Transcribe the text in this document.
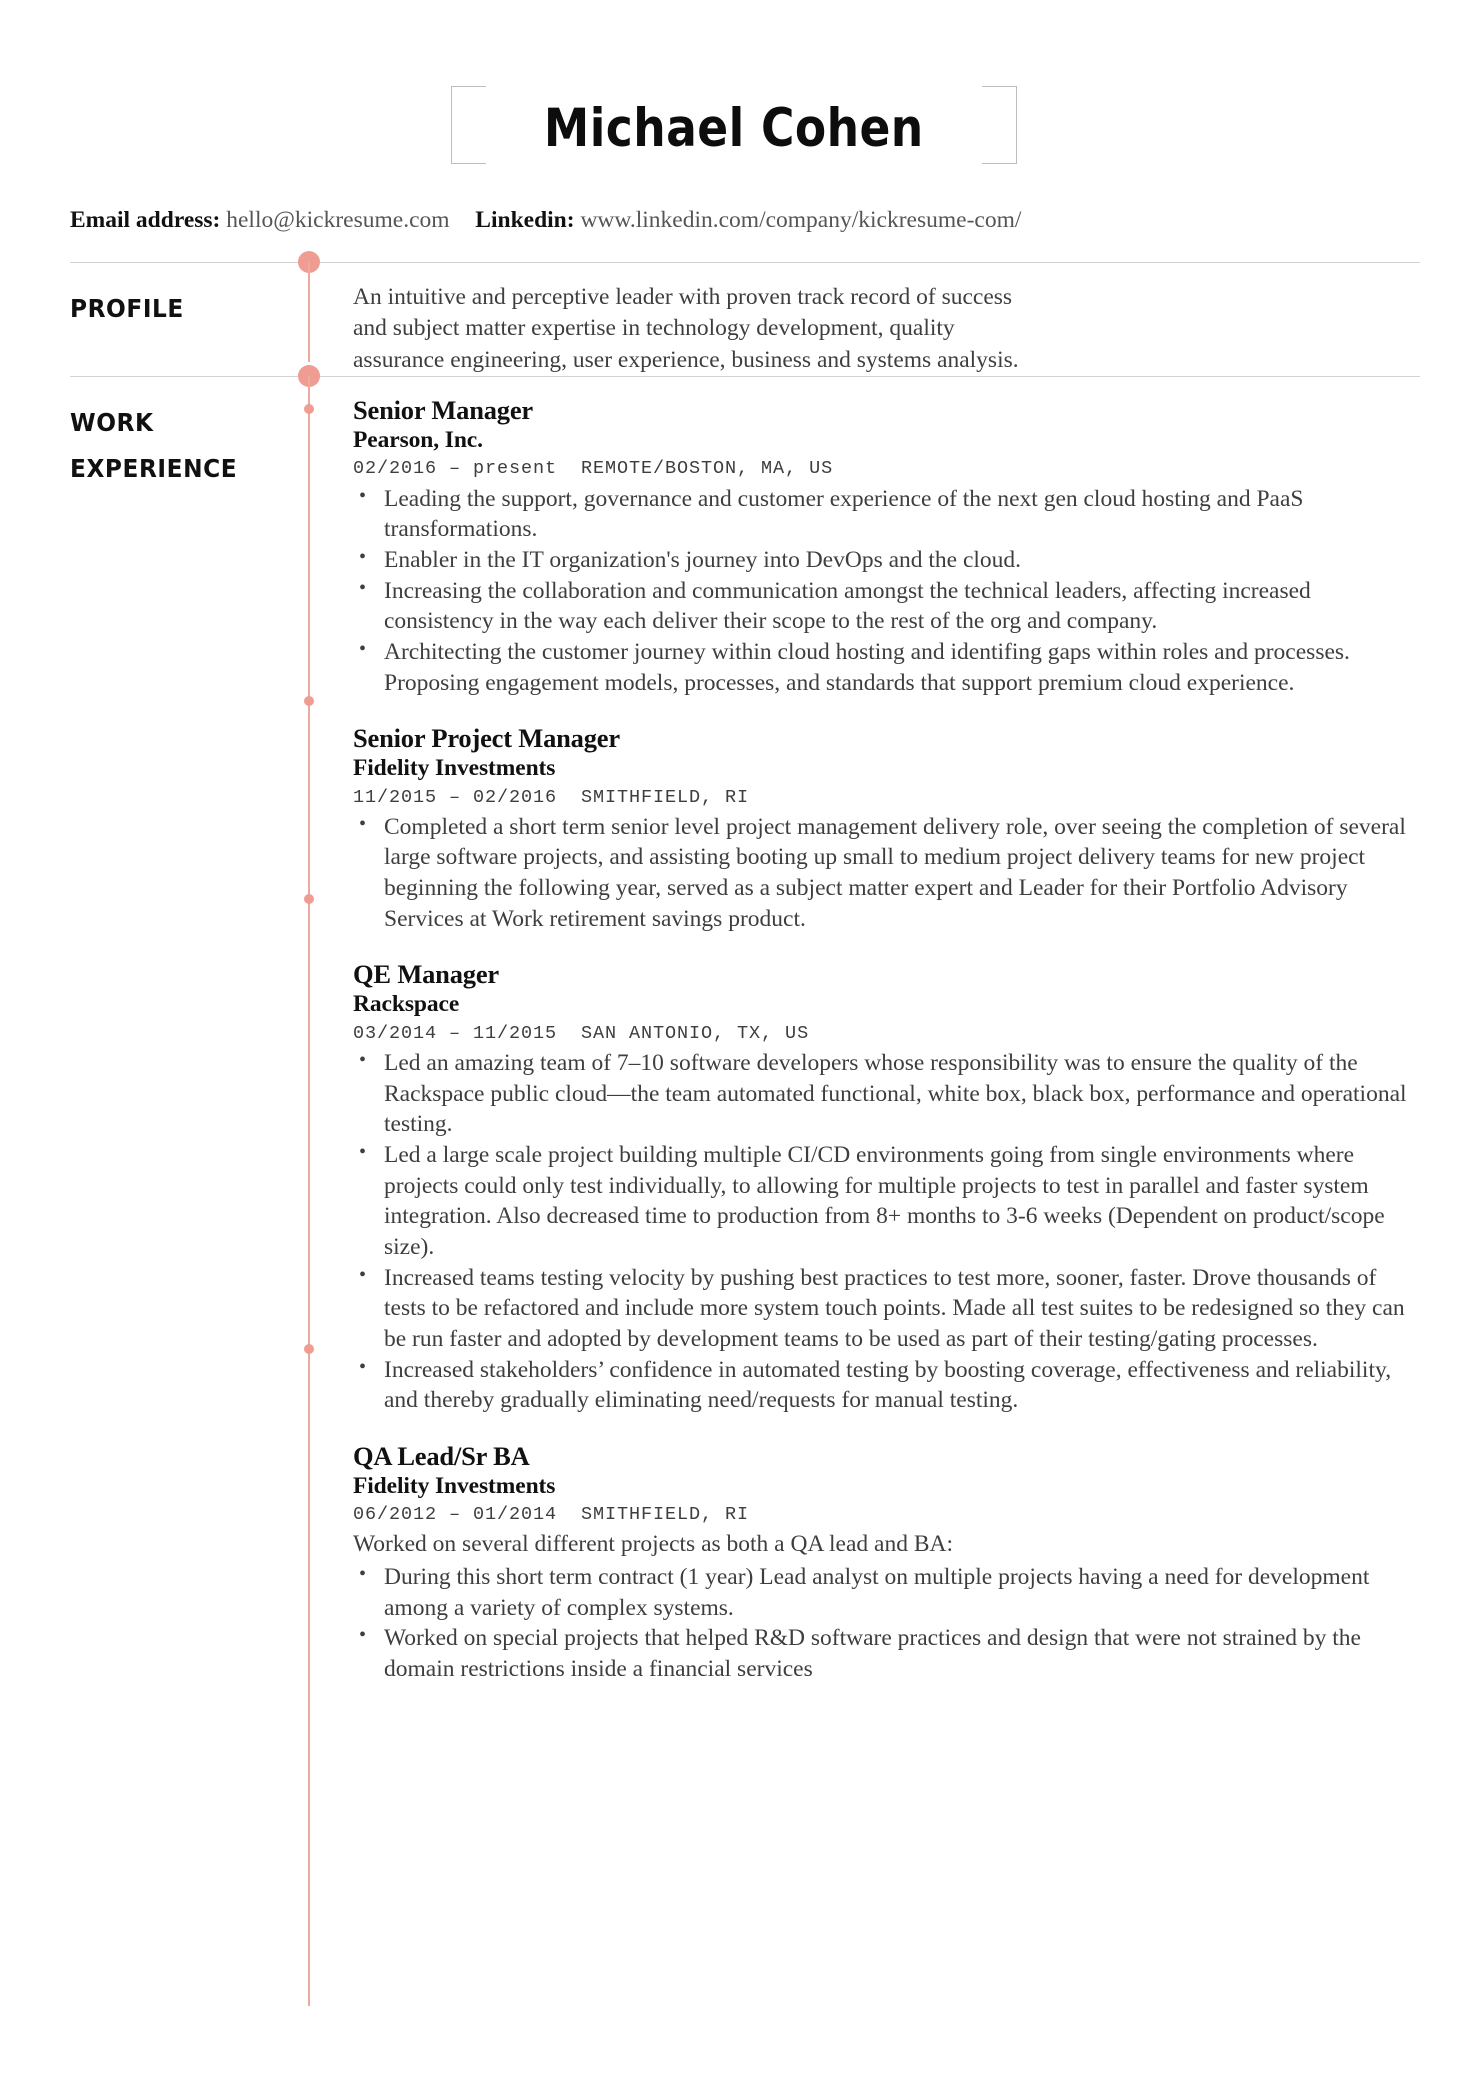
Michael Cohen
Email address: hello@kickresume.com Linkedin: www.linkedin.com/company/kickresume-com/
PROFILE	An intuitive and perceptive leader with proven track record of success and subject matter expertise in technology development, quality assurance engineering, user experience, business and systems analysis.
WORK
EXPERIENCE
Senior Manager
Pearson, Inc.
02/2016 – present REMOTE/BOSTON, MA, US
• Leading the support, governance and customer experience of the next gen cloud hosting and PaaS transformations.
• Enabler in the IT organization's journey into DevOps and the cloud.
• Increasing the collaboration and communication amongst the technical leaders, affecting increased consistency in the way each deliver their scope to the rest of the org and company.
• Architecting the customer journey within cloud hosting and identifing gaps within roles and processes. Proposing engagement models, processes, and standards that support premium cloud experience.
Senior Project Manager
Fidelity Investments
11/2015 – 02/2016 SMITHFIELD, RI
• Completed a short term senior level project management delivery role, over seeing the completion of several large software projects, and assisting booting up small to medium project delivery teams for new project beginning the following year, served as a subject matter expert and Leader for their Portfolio Advisory Services at Work retirement savings product.
QE Manager
Rackspace
03/2014 – 11/2015 SAN ANTONIO, TX, US
• Led an amazing team of 7–10 software developers whose responsibility was to ensure the quality of the Rackspace public cloud—the team automated functional, white box, black box, performance and operational testing.
• Led a large scale project building multiple CI/CD environments going from single environments where projects could only test individually, to allowing for multiple projects to test in parallel and faster system integration. Also decreased time to production from 8+ months to 3-6 weeks (Dependent on product/scope size).
• Increased teams testing velocity by pushing best practices to test more, sooner, faster. Drove thousands of tests to be refactored and include more system touch points. Made all test suites to be redesigned so they can be run faster and adopted by development teams to be used as part of their testing/gating processes.
• Increased stakeholders’ confidence in automated testing by boosting coverage, effectiveness and reliability, and thereby gradually eliminating need/requests for manual testing.
QA Lead/Sr BA
Fidelity Investments
06/2012 – 01/2014 SMITHFIELD, RI
Worked on several different projects as both a QA lead and BA:
• During this short term contract (1 year) Lead analyst on multiple projects having a need for development among a variety of complex systems.
• Worked on special projects that helped R&D software practices and design that were not strained by the domain restrictions inside a financial services
